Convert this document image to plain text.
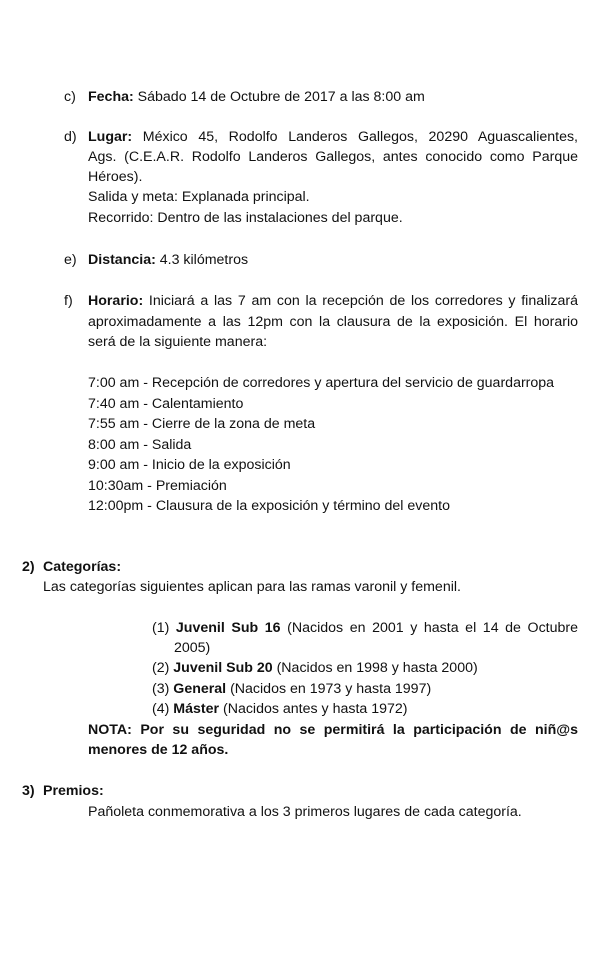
c) Fecha: Sábado 14 de Octubre de 2017 a las 8:00 am
d) Lugar: México 45, Rodolfo Landeros Gallegos, 20290 Aguascalientes,
Ags. (C.E.A.R. Rodolfo Landeros Gallegos, antes conocido como Parque
Héroes).
Salida y meta: Explanada principal.
Recorrido: Dentro de las instalaciones del parque.
e) Distancia: 4.3 kilómetros
f) Horario: Iniciará a las 7 am con la recepción de los corredores y finalizará
aproximadamente a las 12pm con la clausura de la exposición. El horario
será de la siguiente manera:
7:00 am - Recepción de corredores y apertura del servicio de guardarropa
7:40 am - Calentamiento
7:55 am - Cierre de la zona de meta
8:00 am - Salida
9:00 am - Inicio de la exposición
10:30am - Premiación
12:00pm - Clausura de la exposición y término del evento
2) Categorías:
Las categorías siguientes aplican para las ramas varonil y femenil.
(1) Juvenil Sub 16 (Nacidos en 2001 y hasta el 14 de Octubre
2005)
(2) Juvenil Sub 20 (Nacidos en 1998 y hasta 2000)
(3) General (Nacidos en 1973 y hasta 1997)
(4) Máster (Nacidos antes y hasta 1972)
NOTA: Por su seguridad no se permitirá la participación de niñ@s
menores de 12 años.
3) Premios:
Pañoleta conmemorativa a los 3 primeros lugares de cada categoría.
